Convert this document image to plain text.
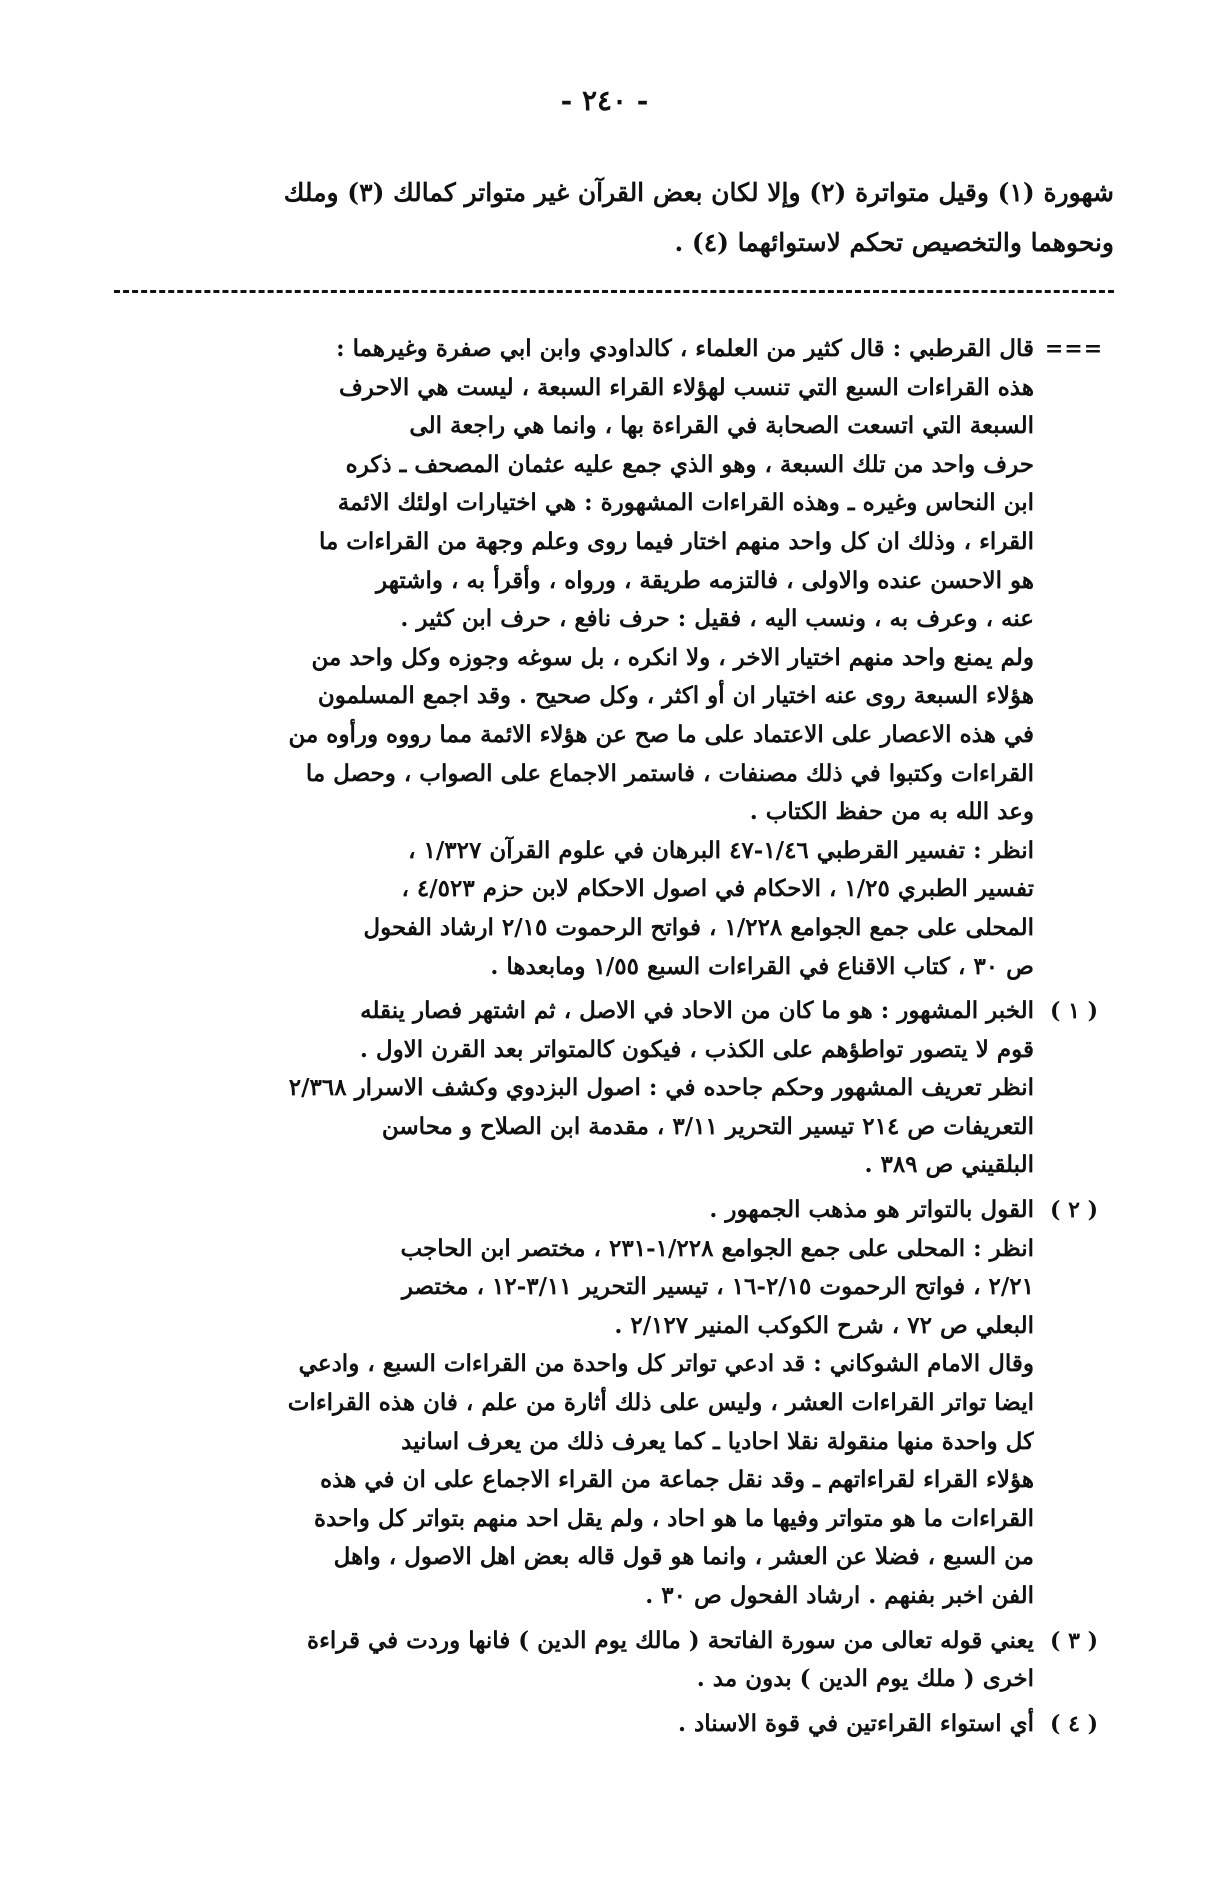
- ٢٤٠ -
شهورة (١) وقيل متواترة (٢) وإلا لكان بعض القرآن غير متواتر كمالك (٣) وملك
ونحوهما والتخصيص تحكم لاستوائهما (٤) .
===
قال القرطبي : قال كثير من العلماء ، كالداودي وابن ابي صفرة وغيرهما :
هذه القراءات السبع التي تنسب لهؤلاء القراء السبعة ، ليست هي الاحرف
السبعة التي اتسعت الصحابة في القراءة بها ، وانما هي راجعة الى
حرف واحد من تلك السبعة ، وهو الذي جمع عليه عثمان المصحف ـ ذكره
ابن النحاس وغيره ـ وهذه القراءات المشهورة : هي اختيارات اولئك الائمة
القراء ، وذلك ان كل واحد منهم اختار فيما روى وعلم وجهة من القراءات ما
هو الاحسن عنده والاولى ، فالتزمه طريقة ، ورواه ، وأقرأ به ، واشتهر
عنه ، وعرف به ، ونسب اليه ، فقيل : حرف نافع ، حرف ابن كثير .
ولم يمنع واحد منهم اختيار الاخر ، ولا انكره ، بل سوغه وجوزه وكل واحد من
هؤلاء السبعة روى عنه اختيار ان أو اكثر ، وكل صحيح . وقد اجمع المسلمون
في هذه الاعصار على الاعتماد على ما صح عن هؤلاء الائمة مما رووه ورأوه من
القراءات وكتبوا في ذلك مصنفات ، فاستمر الاجماع على الصواب ، وحصل ما
وعد الله به من حفظ الكتاب .
انظر : تفسير القرطبي ١/٤٦-٤٧ البرهان في علوم القرآن ١/٣٢٧ ،
تفسير الطبري ١/٢٥ ، الاحكام في اصول الاحكام لابن حزم ٤/٥٢٣ ،
المحلى على جمع الجوامع ١/٢٢٨ ، فواتح الرحموت ٢/١٥ ارشاد الفحول
ص ٣٠ ، كتاب الاقناع في القراءات السبع ١/٥٥ ومابعدها .
( ١ )
الخبر المشهور : هو ما كان من الاحاد في الاصل ، ثم اشتهر فصار ينقله
قوم لا يتصور تواطؤهم على الكذب ، فيكون كالمتواتر بعد القرن الاول .
انظر تعريف المشهور وحكم جاحده في : اصول البزدوي وكشف الاسرار ٢/٣٦٨
التعريفات ص ٢١٤ تيسير التحرير ٣/١١ ، مقدمة ابن الصلاح و محاسن
البلقيني ص ٣٨٩ .
( ٢ )
القول بالتواتر هو مذهب الجمهور .
انظر : المحلى على جمع الجوامع ١/٢٢٨-٢٣١ ، مختصر ابن الحاجب
٢/٢١ ، فواتح الرحموت ٢/١٥-١٦ ، تيسير التحرير ٣/١١-١٢ ، مختصر
البعلي ص ٧٢ ، شرح الكوكب المنير ٢/١٢٧ .
وقال الامام الشوكاني : قد ادعي تواتر كل واحدة من القراءات السبع ، وادعي
ايضا تواتر القراءات العشر ، وليس على ذلك أثارة من علم ، فان هذه القراءات
كل واحدة منها منقولة نقلا احاديا ـ كما يعرف ذلك من يعرف اسانيد
هؤلاء القراء لقراءاتهم ـ وقد نقل جماعة من القراء الاجماع على ان في هذه
القراءات ما هو متواتر وفيها ما هو احاد ، ولم يقل احد منهم بتواتر كل واحدة
من السبع ، فضلا عن العشر ، وانما هو قول قاله بعض اهل الاصول ، واهل
الفن اخبر بفنهم . ارشاد الفحول ص ٣٠ .
( ٣ )
يعني قوله تعالى من سورة الفاتحة ( مالك يوم الدين ) فانها وردت في قراءة
اخرى ( ملك يوم الدين ) بدون مد .
( ٤ )
أي استواء القراءتين في قوة الاسناد .
